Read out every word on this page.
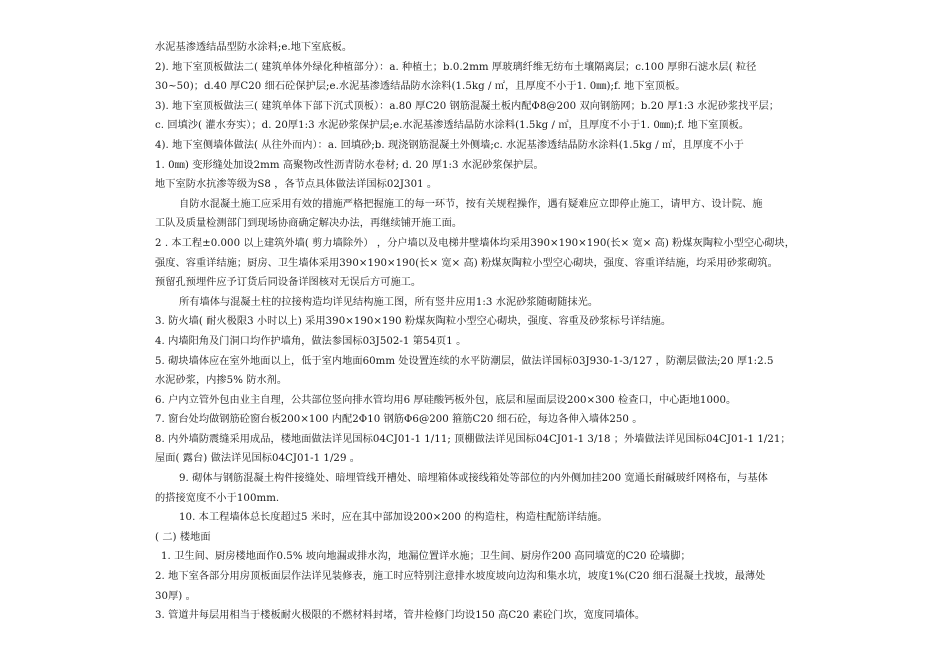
水泥基渗透结晶型防水涂料;e.地下室底板。
2). 地下室顶板做法二( 建筑单体外绿化种植部分）：a. 种植土；b.0.2mm 厚玻璃纤维无纺布土壤隔离层；c.100 厚卵石滤水层( 粒径
30~50)；d.40 厚C20 细石砼保护层;e.水泥基渗透结晶防水涂料(1.5kg / ㎡，且厚度不小于1. 0㎜);f. 地下室顶板。
3). 地下室顶板做法三( 建筑单体下部下沉式顶板）：a.80 厚C20 钢筋混凝土板内配Φ8@200 双向钢筋网；b.20 厚1:3 水泥砂浆找平层；
c. 回填沙( 灌水夯实）；d. 20厚1:3 水泥砂浆保护层;e.水泥基渗透结晶防水涂料(1.5kg / ㎡，且厚度不小于1. 0㎜);f. 地下室顶板。
4). 地下室侧墙体做法( 从往外而内）：a. 回填砂;b. 现浇钢筋混凝土外侧墙;c. 水泥基渗透结晶防水涂料(1.5kg / ㎡，且厚度不小于
1. 0㎜) 变形缝处加设2mm 高聚物改性沥青防水卷材; d. 20 厚1:3 水泥砂浆保护层。
地下室防水抗渗等级为S8 ，各节点具体做法详国标02J301 。
自防水混凝土施工应采用有效的措施严格把握施工的每一环节，按有关规程操作，遇有疑难应立即停止施工，请甲方、设计院、施
工队及质量检测部门到现场协商确定解决办法，再继续铺开施工面。
2 . 本工程±0.000 以上建筑外墙( 剪力墙除外） ，分户墙以及电梯井壁墙体均采用390×190×190(长× 宽× 高) 粉煤灰陶粒小型空心砌块，
强度、容重详结施；厨房、卫生墙体采用390×190×190(长× 宽× 高) 粉煤灰陶粒小型空心砌块，强度、容重详结施，均采用砂浆砌筑。
预留孔预埋件应予订货后同设备详图核对无误后方可施工。
所有墙体与混凝土柱的拉接构造均详见结构施工图，所有竖井应用1:3 水泥砂浆随砌随抹光。
3. 防火墙( 耐火极限3 小时以上) 采用390×190×190 粉煤灰陶粒小型空心砌块，强度、容重及砂浆标号详结施。
4. 内墙阳角及门洞口均作护墙角，做法参国标03J502-1 第54页1 。
5. 砌块墙体应在室外地面以上，低于室内地面60mm 处设置连续的水平防潮层，做法详国标03J930-1-3/127 ，防潮层做法;20 厚1:2.5
水泥砂浆，内掺5% 防水剂。
6. 户内立管外包由业主自理，公共部位竖向排水管均用6 厚硅酸钙板外包，底层和屋面层设200×300 检查口，中心距地1000。
7. 窗台处均做钢筋砼窗台板200×100 内配2Φ10 钢筋Φ6@200 箍筋C20 细石砼，每边各伸入墙体250 。
8. 内外墙防震缝采用成品，楼地面做法详见国标04CJ01-1 1/11; 顶棚做法详见国标04CJ01-1 3/18 ；外墙做法详见国标04CJ01-1 1/21；
屋面( 露台) 做法详见国标04CJ01-1 1/29 。
9. 砌体与钢筋混凝土构件接缝处、暗埋管线开槽处、暗埋箱体或接线箱处等部位的内外侧加挂200 宽通长耐碱玻纤网格布，与基体
的搭接宽度不小于100mm.
10. 本工程墙体总长度超过5 米时，应在其中部加设200×200 的构造柱，构造柱配筋详结施。
( 二) 楼地面
1. 卫生间、厨房楼地面作0.5% 坡向地漏或排水沟，地漏位置详水施；卫生间、厨房作200 高同墙宽的C20 砼墙脚；
2. 地下室各部分用房顶板面层作法详见装修表，施工时应特别注意排水坡度坡向边沟和集水坑，坡度1%(C20 细石混凝土找坡，最薄处
30厚) 。
3. 管道井每层用相当于楼板耐火极限的不燃材料封堵，管井检修门均设150 高C20 素砼门坎，宽度同墙体。
